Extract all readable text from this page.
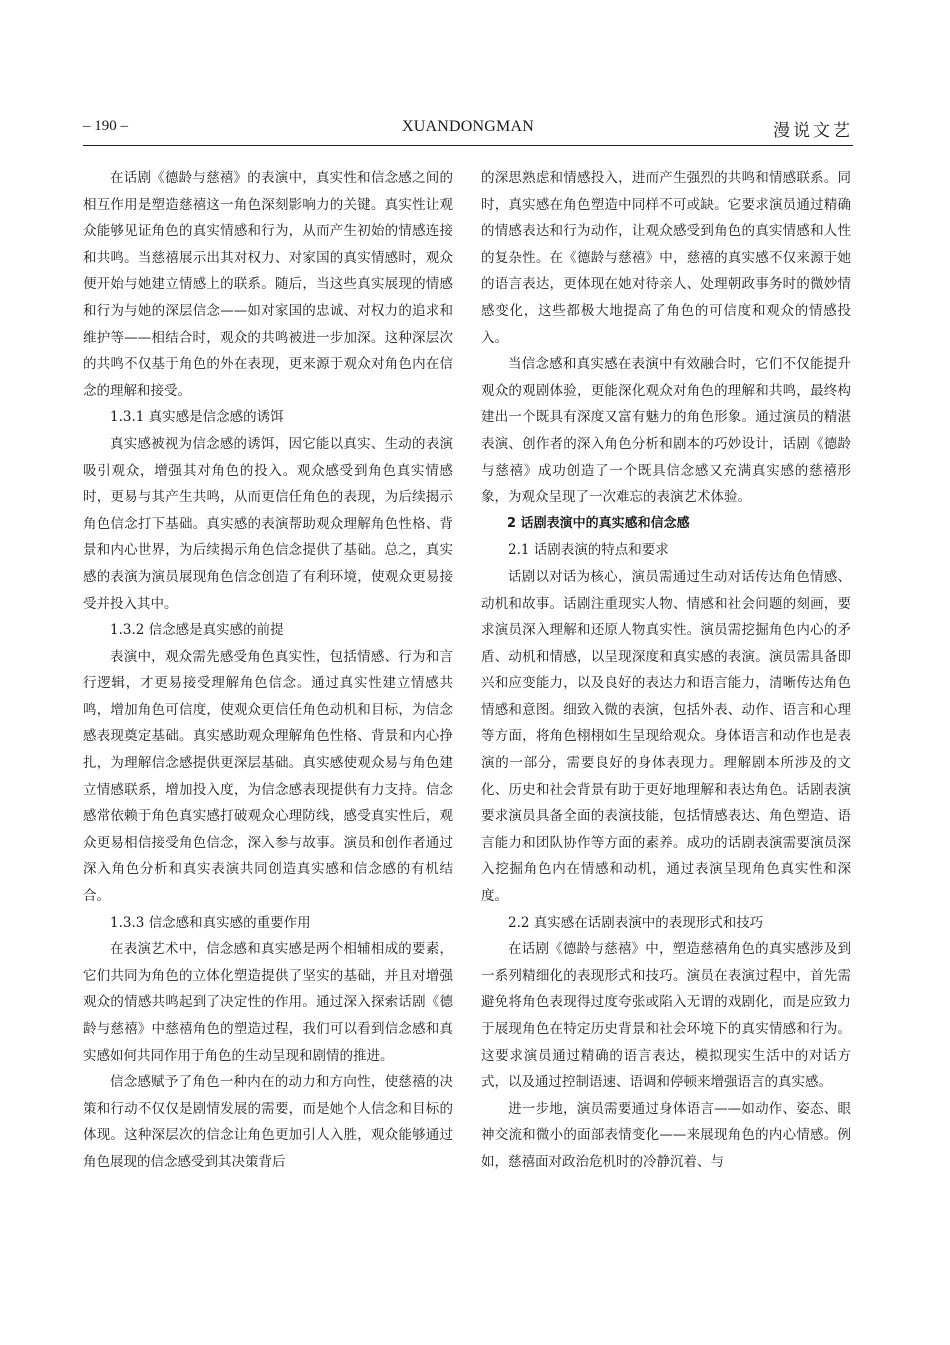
– 190 –	XUANDONGMAN	漫说文艺

在话剧《德龄与慈禧》的表演中，真实性和信念感之间的相互作用是塑造慈禧这一角色深刻影响力的关键。真实性让观众能够见证角色的真实情感和行为，从而产生初始的情感连接和共鸣。当慈禧展示出其对权力、对家国的真实情感时，观众便开始与她建立情感上的联系。随后，当这些真实展现的情感和行为与她的深层信念——如对家国的忠诚、对权力的追求和维护等——相结合时，观众的共鸣被进一步加深。这种深层次的共鸣不仅基于角色的外在表现，更来源于观众对角色内在信念的理解和接受。

1.3.1 真实感是信念感的诱饵

真实感被视为信念感的诱饵，因它能以真实、生动的表演吸引观众，增强其对角色的投入。观众感受到角色真实情感时，更易与其产生共鸣，从而更信任角色的表现，为后续揭示角色信念打下基础。真实感的表演帮助观众理解角色性格、背景和内心世界，为后续揭示角色信念提供了基础。总之，真实感的表演为演员展现角色信念创造了有利环境，使观众更易接受并投入其中。

1.3.2 信念感是真实感的前提

表演中，观众需先感受角色真实性，包括情感、行为和言行逻辑，才更易接受理解角色信念。通过真实性建立情感共鸣，增加角色可信度，使观众更信任角色动机和目标，为信念感表现奠定基础。真实感助观众理解角色性格、背景和内心挣扎，为理解信念感提供更深层基础。真实感使观众易与角色建立情感联系，增加投入度，为信念感表现提供有力支持。信念感常依赖于角色真实感打破观众心理防线，感受真实性后，观众更易相信接受角色信念，深入参与故事。演员和创作者通过深入角色分析和真实表演共同创造真实感和信念感的有机结合。

1.3.3 信念感和真实感的重要作用

在表演艺术中，信念感和真实感是两个相辅相成的要素，它们共同为角色的立体化塑造提供了坚实的基础，并且对增强观众的情感共鸣起到了决定性的作用。通过深入探索话剧《德龄与慈禧》中慈禧角色的塑造过程，我们可以看到信念感和真实感如何共同作用于角色的生动呈现和剧情的推进。

信念感赋予了角色一种内在的动力和方向性，使慈禧的决策和行动不仅仅是剧情发展的需要，而是她个人信念和目标的体现。这种深层次的信念让角色更加引人入胜，观众能够通过角色展现的信念感受到其决策背后

的深思熟虑和情感投入，进而产生强烈的共鸣和情感联系。同时，真实感在角色塑造中同样不可或缺。它要求演员通过精确的情感表达和行为动作，让观众感受到角色的真实情感和人性的复杂性。在《德龄与慈禧》中，慈禧的真实感不仅来源于她的语言表达，更体现在她对待亲人、处理朝政事务时的微妙情感变化，这些都极大地提高了角色的可信度和观众的情感投入。

当信念感和真实感在表演中有效融合时，它们不仅能提升观众的观剧体验，更能深化观众对角色的理解和共鸣，最终构建出一个既具有深度又富有魅力的角色形象。通过演员的精湛表演、创作者的深入角色分析和剧本的巧妙设计，话剧《德龄与慈禧》成功创造了一个既具信念感又充满真实感的慈禧形象，为观众呈现了一次难忘的表演艺术体验。

2 话剧表演中的真实感和信念感

2.1 话剧表演的特点和要求

话剧以对话为核心，演员需通过生动对话传达角色情感、动机和故事。话剧注重现实人物、情感和社会问题的刻画，要求演员深入理解和还原人物真实性。演员需挖掘角色内心的矛盾、动机和情感，以呈现深度和真实感的表演。演员需具备即兴和应变能力，以及良好的表达力和语言能力，清晰传达角色情感和意图。细致入微的表演，包括外表、动作、语言和心理等方面，将角色栩栩如生呈现给观众。身体语言和动作也是表演的一部分，需要良好的身体表现力。理解剧本所涉及的文化、历史和社会背景有助于更好地理解和表达角色。话剧表演要求演员具备全面的表演技能，包括情感表达、角色塑造、语言能力和团队协作等方面的素养。成功的话剧表演需要演员深入挖掘角色内在情感和动机，通过表演呈现角色真实性和深度。

2.2 真实感在话剧表演中的表现形式和技巧

在话剧《德龄与慈禧》中，塑造慈禧角色的真实感涉及到一系列精细化的表现形式和技巧。演员在表演过程中，首先需避免将角色表现得过度夸张或陷入无谓的戏剧化，而是应致力于展现角色在特定历史背景和社会环境下的真实情感和行为。这要求演员通过精确的语言表达，模拟现实生活中的对话方式，以及通过控制语速、语调和停顿来增强语言的真实感。

进一步地，演员需要通过身体语言——如动作、姿态、眼神交流和微小的面部表情变化——来展现角色的内心情感。例如，慈禧面对政治危机时的冷静沉着、与
